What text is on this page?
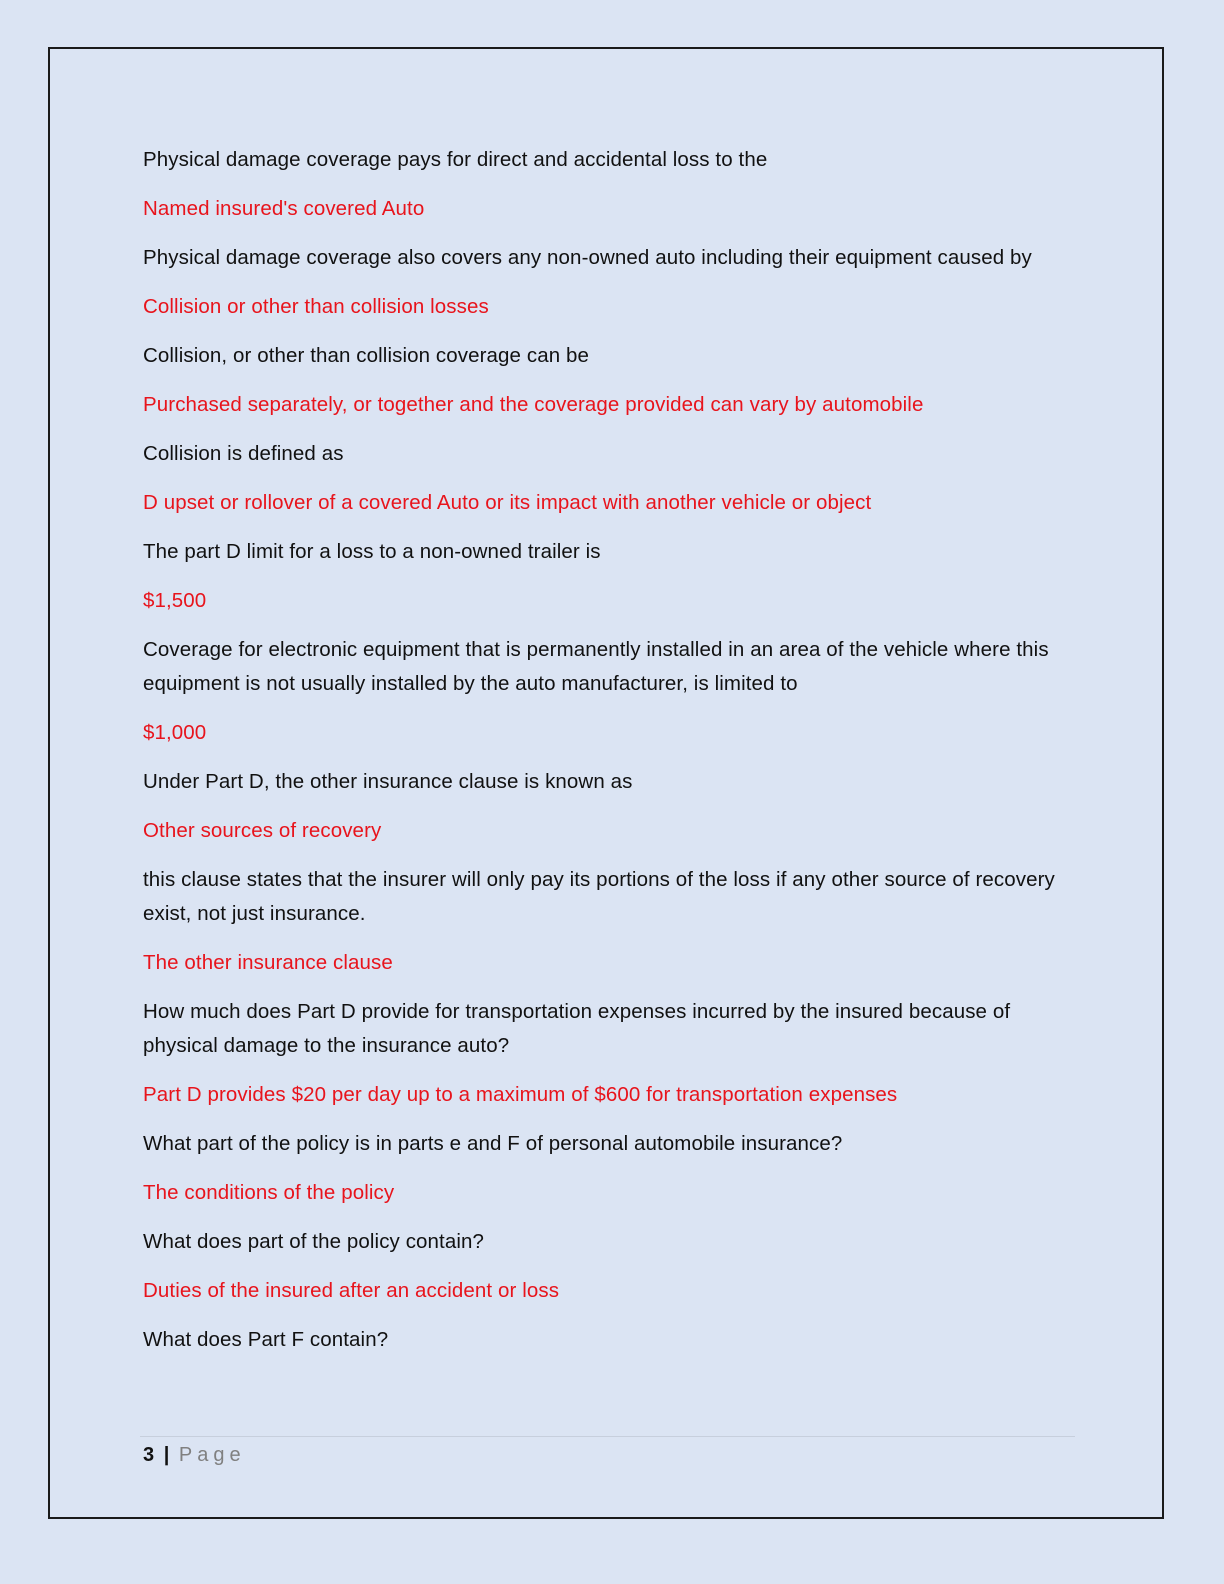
Physical damage coverage pays for direct and accidental loss to the

Named insured's covered Auto

Physical damage coverage also covers any non-owned auto including their equipment caused by

Collision or other than collision losses

Collision, or other than collision coverage can be

Purchased separately, or together and the coverage provided can vary by automobile

Collision is defined as

D upset or rollover of a covered Auto or its impact with another vehicle or object

The part D limit for a loss to a non-owned trailer is

$1,500

Coverage for electronic equipment that is permanently installed in an area of the vehicle where this equipment is not usually installed by the auto manufacturer, is limited to

$1,000

Under Part D, the other insurance clause is known as

Other sources of recovery

this clause states that the insurer will only pay its portions of the loss if any other source of recovery exist, not just insurance.

The other insurance clause

How much does Part D provide for transportation expenses incurred by the insured because of physical damage to the insurance auto?

Part D provides $20 per day up to a maximum of $600 for transportation expenses

What part of the policy is in parts e and F of personal automobile insurance?

The conditions of the policy

What does part of the policy contain?

Duties of the insured after an accident or loss

What does Part F contain?

3 | Page
